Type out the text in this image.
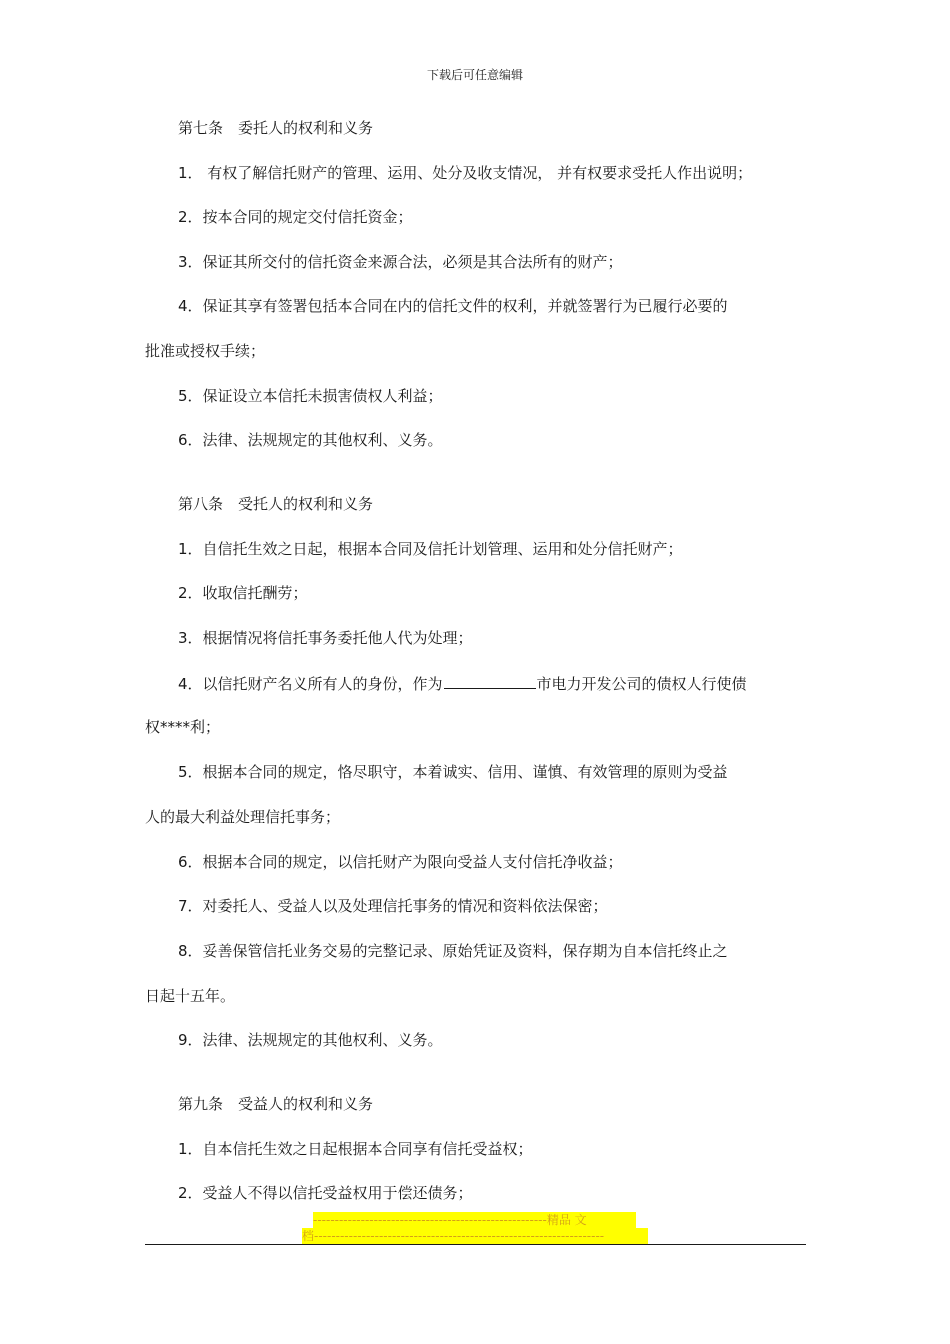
下载后可任意编辑
第七条　委托人的权利和义务
1． 有权了解信托财产的管理、运用、处分及收支情况， 并有权要求受托人作出说明；
2．按本合同的规定交付信托资金；
3．保证其所交付的信托资金来源合法，必须是其合法所有的财产；
4．保证其享有签署包括本合同在内的信托文件的权利，并就签署行为已履行必要的
批准或授权手续；
5．保证设立本信托未损害债权人利益；
6．法律、法规规定的其他权利、义务。
第八条　受托人的权利和义务
1．自信托生效之日起，根据本合同及信托计划管理、运用和处分信托财产；
2．收取信托酬劳；
3．根据情况将信托事务委托他人代为处理；
4．以信托财产名义所有人的身份，作为	市电力开发公司的债权人行使债
权****利；
5．根据本合同的规定，恪尽职守，本着诚实、信用、谨慎、有效管理的原则为受益
人的最大利益处理信托事务；
6．根据本合同的规定，以信托财产为限向受益人支付信托净收益；
7．对委托人、受益人以及处理信托事务的情况和资料依法保密；
8．妥善保管信托业务交易的完整记录、原始凭证及资料，保存期为自本信托终止之
日起十五年。
9．法律、法规规定的其他权利、义务。
第九条　受益人的权利和义务
1．自本信托生效之日起根据本合同享有信托受益权；
2．受益人不得以信托受益权用于偿还债务；
------------------------------------------------------精品 文
档-------------------------------------------------------------------
